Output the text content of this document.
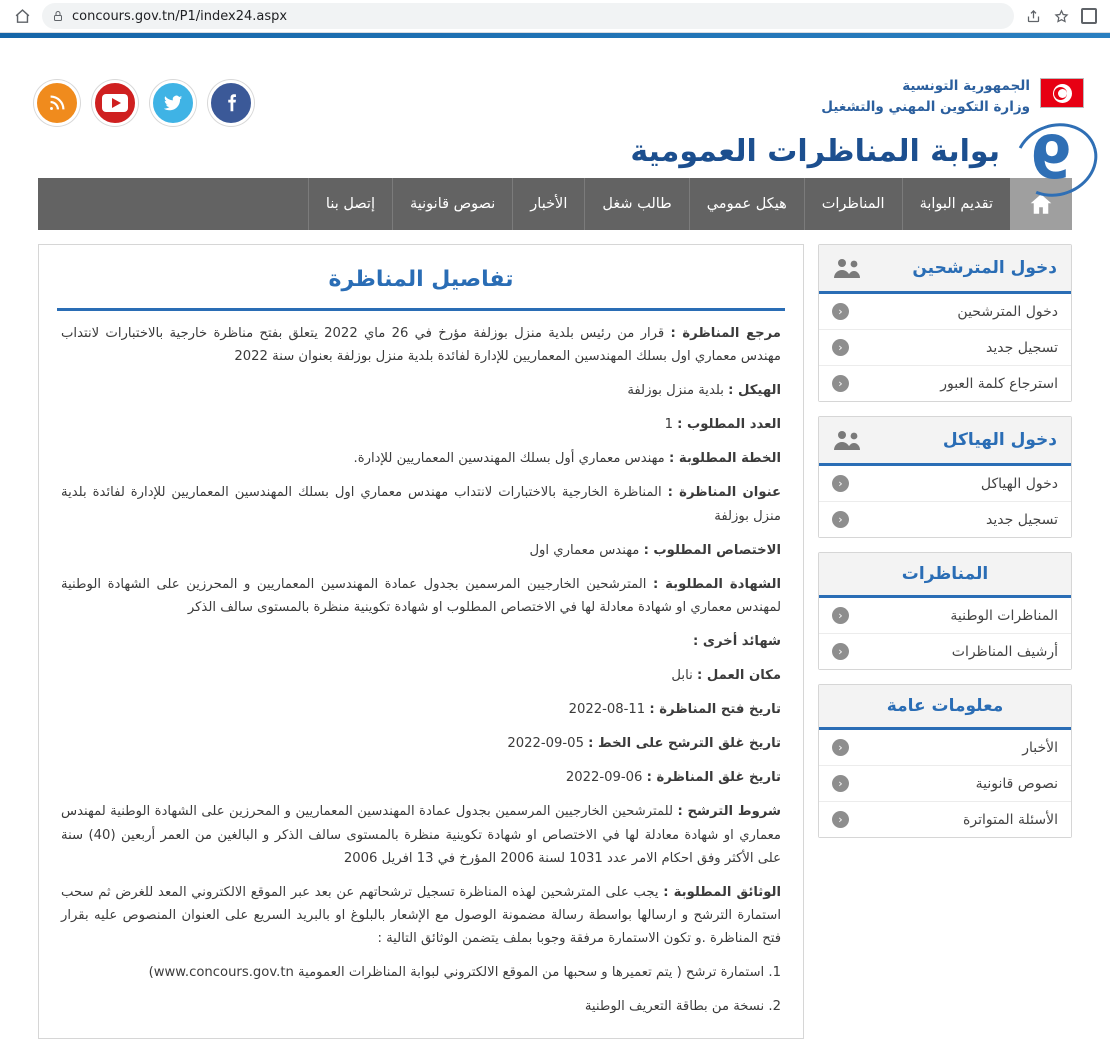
concours.gov.tn/P1/index24.aspx
الجمهورية التونسية
وزارة التكوين المهني والتشغيل
بوابة المناظرات العمومية 9
تقديم البوابة
المناظرات
هيكل عمومي
طالب شغل
الأخبار
نصوص قانونية
إتصل بنا
دخول المترشحين
دخول المترشحين
‹
تسجيل جديد
‹
استرجاع كلمة العبور
‹
دخول الهياكل
دخول الهياكل
‹
تسجيل جديد
‹
المناظرات
المناظرات الوطنية
‹
أرشيف المناظرات
‹
معلومات عامة
الأخبار
‹
نصوص قانونية
‹
الأسئلة المتواترة
‹
تفاصيل المناظرة
مرجع المناظرة : قرار من رئيس بلدية منزل بوزلفة مؤرخ في 26 ماي 2022 يتعلق بفتح مناظرة خارجية بالاختبارات لانتداب مهندس معماري اول بسلك المهندسين المعماريين للإدارة لفائدة بلدية منزل بوزلفة بعنوان سنة 2022
الهيكل : بلدية منزل بوزلفة
العدد المطلوب : 1
الخطة المطلوبة : مهندس معماري أول بسلك المهندسين المعماريين للإدارة.
عنوان المناظرة : المناظرة الخارجية بالاختبارات لانتداب مهندس معماري اول بسلك المهندسين المعماريين للإدارة لفائدة بلدية منزل بوزلفة
الاختصاص المطلوب : مهندس معماري اول
الشهادة المطلوبة : المترشحين الخارجيين المرسمين بجدول عمادة المهندسين المعماريين و المحرزين على الشهادة الوطنية لمهندس معماري او شهادة معادلة لها في الاختصاص المطلوب او شهادة تكوينية منظرة بالمستوى سالف الذكر
شهائد أخرى :
مكان العمل : نابل
تاريخ فتح المناظرة : 2022-08-11
تاريخ غلق الترشح على الخط : 2022-09-05
تاريخ غلق المناظرة : 2022-09-06
شروط الترشح : للمترشحين الخارجيين المرسمين بجدول عمادة المهندسين المعماريين و المحرزين على الشهادة الوطنية لمهندس معماري او شهادة معادلة لها في الاختصاص او شهادة تكوينية منظرة بالمستوى سالف الذكر و البالغين من العمر أربعين (40) سنة على الأكثر وفق احكام الامر عدد 1031 لسنة 2006 المؤرخ في 13 افريل 2006
الوثائق المطلوبة : يجب على المترشحين لهذه المناظرة تسجيل ترشحاتهم عن بعد عبر الموقع الالكتروني المعد للغرض ثم سحب استمارة الترشح و ارسالها بواسطة رسالة مضمونة الوصول مع الإشعار بالبلوغ او بالبريد السريع على العنوان المنصوص عليه بقرار فتح المناظرة .و تكون الاستمارة مرفقة وجوبا بملف يتضمن الوثائق التالية :
1. استمارة ترشح ( يتم تعميرها و سحبها من الموقع الالكتروني لبوابة المناظرات العمومية www.concours.gov.tn)
2. نسخة من بطاقة التعريف الوطنية
